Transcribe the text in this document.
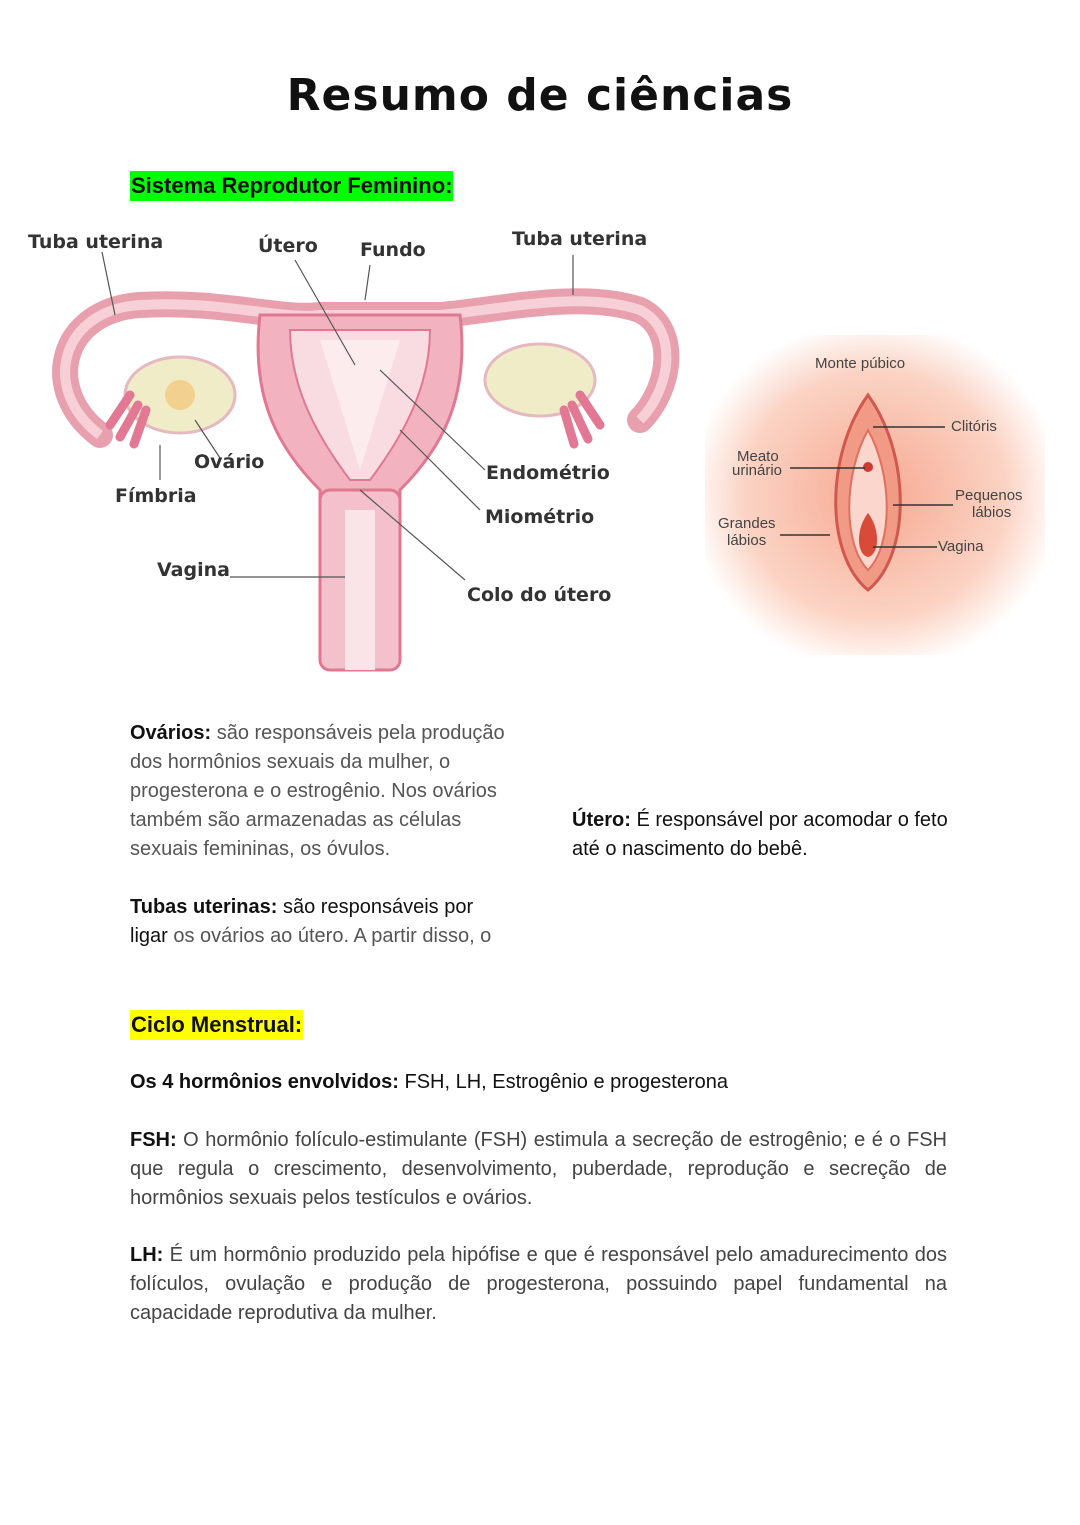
Resumo de ciências
Sistema Reprodutor Feminino:
Tuba uterina	Útero Fundo	Tuba uterina
Ovário
Fímbria
Endométrio
Miométrio
Vagina
Colo do útero
Monte púbico
Clitóris
Meato
urinário
Pequenos
lábios
Grandes
lábios	Vagina

Ovários: são responsáveis pela produção dos hormônios sexuais da mulher, o progesterona e o estrogênio. Nos ovários também são armazenadas as células sexuais femininas, os óvulos.

Tubas uterinas: são responsáveis por ligar os ovários ao útero. A partir disso, o

Útero: É responsável por acomodar o feto até o nascimento do bebê.

Ciclo Menstrual:

Os 4 hormônios envolvidos: FSH, LH, Estrogênio e progesterona

FSH: O hormônio folículo-estimulante (FSH) estimula a secreção de estrogênio; e é o FSH que regula o crescimento, desenvolvimento, puberdade, reprodução e secreção de hormônios sexuais pelos testículos e ovários.

LH: É um hormônio produzido pela hipófise e que é responsável pelo amadurecimento dos folículos, ovulação e produção de progesterona, possuindo papel fundamental na capacidade reprodutiva da mulher.
